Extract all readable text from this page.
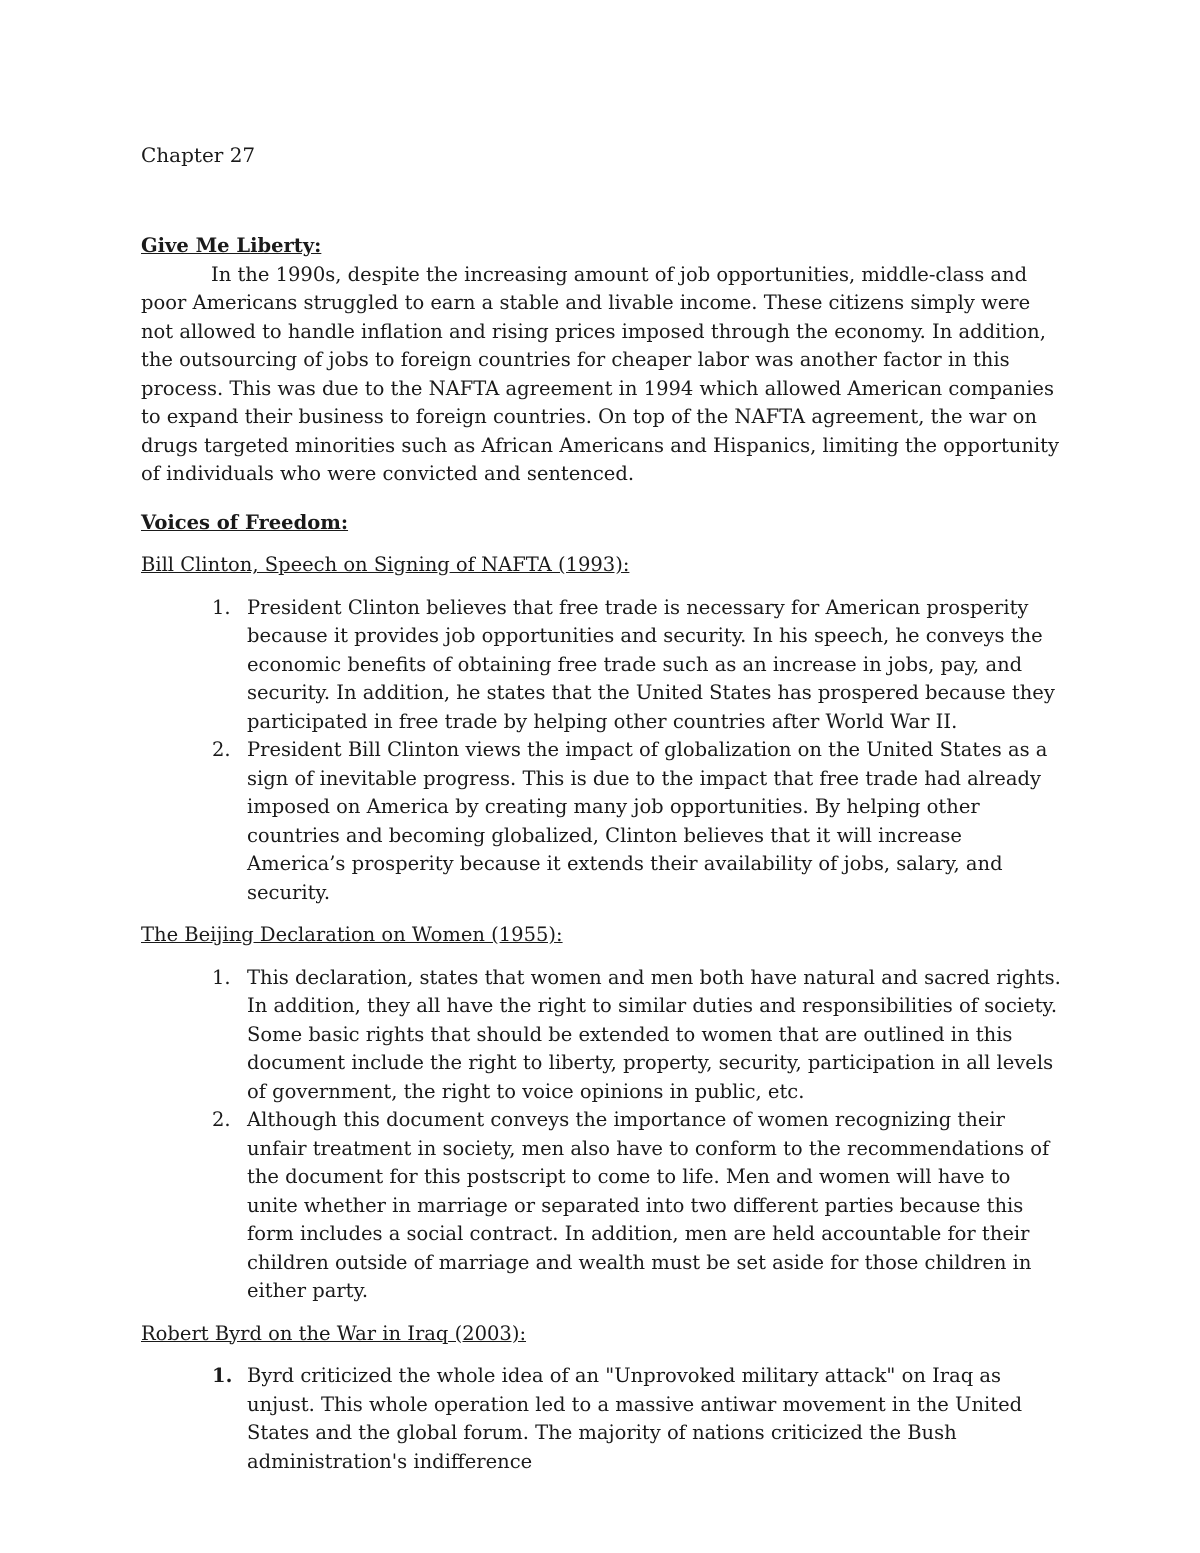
Chapter 27

Give Me Liberty:

In the 1990s, despite the increasing amount of job opportunities, middle-class and poor Americans struggled to earn a stable and livable income. These citizens simply were not allowed to handle inflation and rising prices imposed through the economy. In addition, the outsourcing of jobs to foreign countries for cheaper labor was another factor in this process. This was due to the NAFTA agreement in 1994 which allowed American companies to expand their business to foreign countries. On top of the NAFTA agreement, the war on drugs targeted minorities such as African Americans and Hispanics, limiting the opportunity of individuals who were convicted and sentenced.

Voices of Freedom:

Bill Clinton, Speech on Signing of NAFTA (1993):

1. President Clinton believes that free trade is necessary for American prosperity because it provides job opportunities and security. In his speech, he conveys the economic benefits of obtaining free trade such as an increase in jobs, pay, and security. In addition, he states that the United States has prospered because they participated in free trade by helping other countries after World War II.
2. President Bill Clinton views the impact of globalization on the United States as a sign of inevitable progress. This is due to the impact that free trade had already imposed on America by creating many job opportunities. By helping other countries and becoming globalized, Clinton believes that it will increase America’s prosperity because it extends their availability of jobs, salary, and security.

The Beijing Declaration on Women (1955):

1. This declaration, states that women and men both have natural and sacred rights. In addition, they all have the right to similar duties and responsibilities of society. Some basic rights that should be extended to women that are outlined in this document include the right to liberty, property, security, participation in all levels of government, the right to voice opinions in public, etc.
2. Although this document conveys the importance of women recognizing their unfair treatment in society, men also have to conform to the recommendations of the document for this postscript to come to life. Men and women will have to unite whether in marriage or separated into two different parties because this form includes a social contract. In addition, men are held accountable for their children outside of marriage and wealth must be set aside for those children in either party.

Robert Byrd on the War in Iraq (2003):

1. Byrd criticized the whole idea of an "Unprovoked military attack" on Iraq as unjust. This whole operation led to a massive antiwar movement in the United States and the global forum. The majority of nations criticized the Bush administration's indifference
